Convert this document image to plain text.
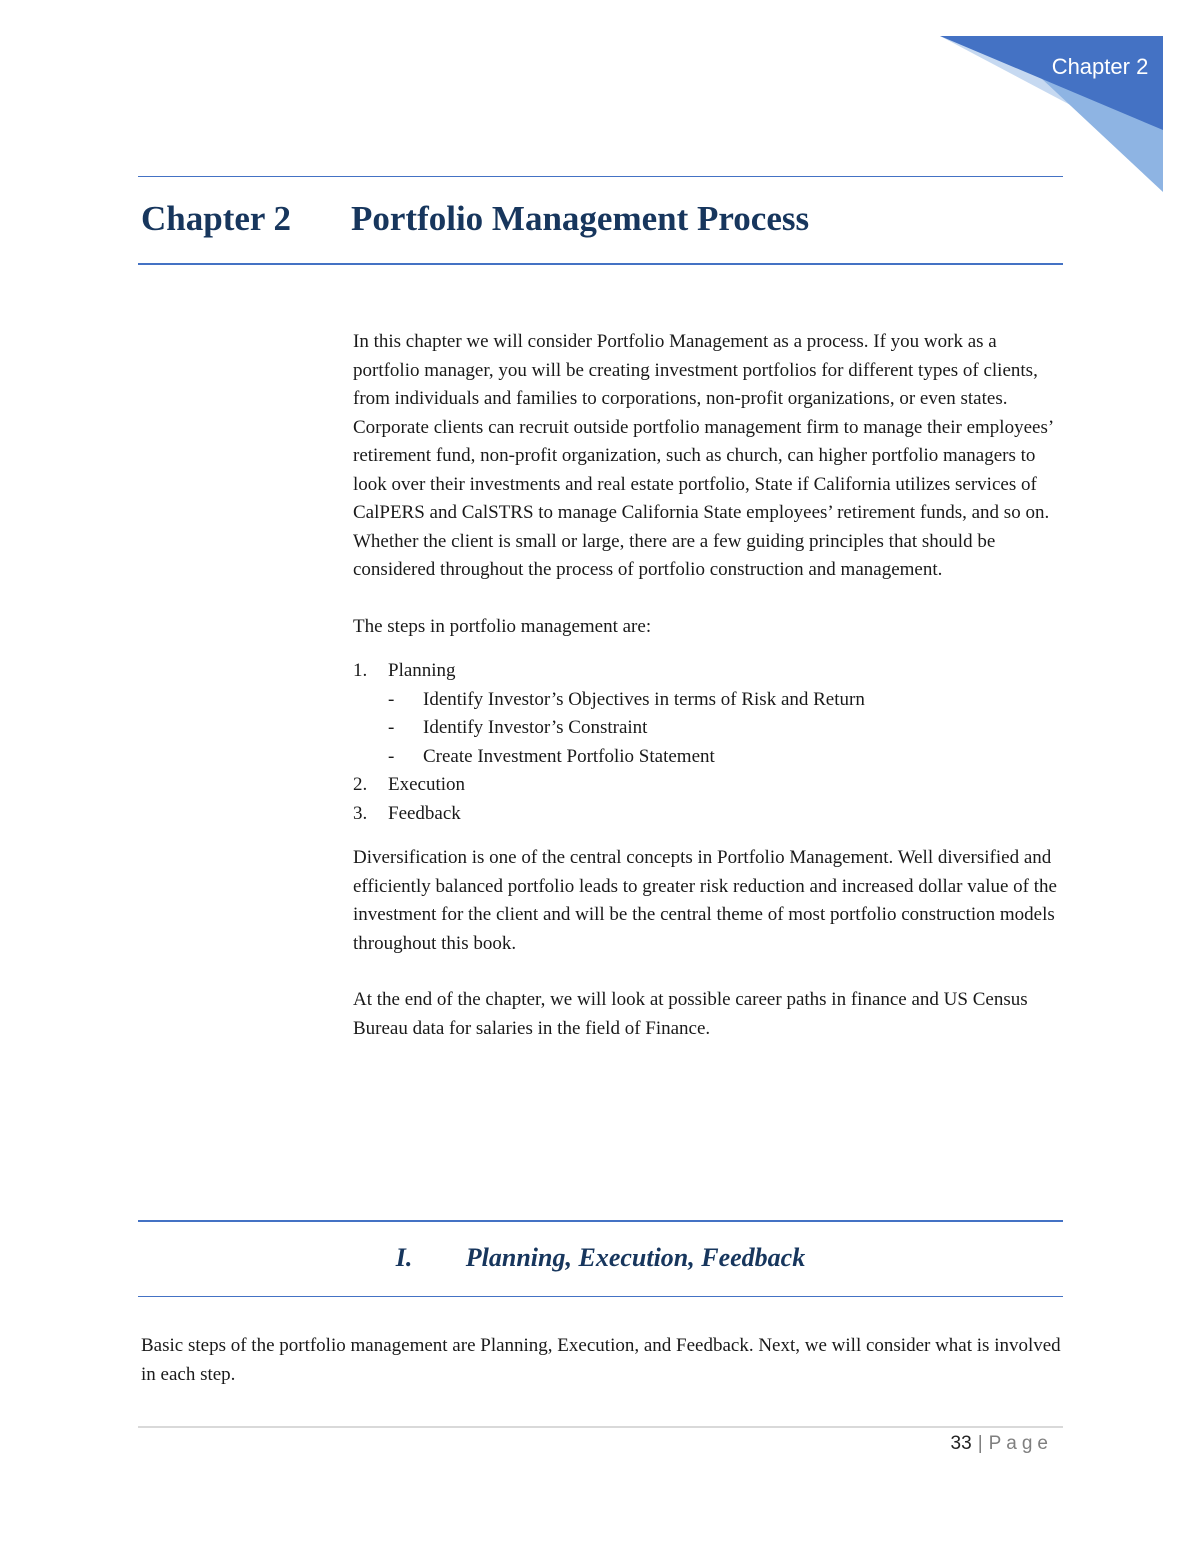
Chapter 2
Chapter 2 Portfolio Management Process

In this chapter we will consider Portfolio Management as a process. If you work as a portfolio manager, you will be creating investment portfolios for different types of clients, from individuals and families to corporations, non-profit organizations, or even states. Corporate clients can recruit outside portfolio management firm to manage their employees’ retirement fund, non-profit organization, such as church, can higher portfolio managers to look over their investments and real estate portfolio, State if California utilizes services of CalPERS and CalSTRS to manage California State employees’ retirement funds, and so on. Whether the client is small or large, there are a few guiding principles that should be considered throughout the process of portfolio construction and management.

The steps in portfolio management are:

1. Planning
- Identify Investor’s Objectives in terms of Risk and Return
- Identify Investor’s Constraint
- Create Investment Portfolio Statement
2. Execution
3. Feedback

Diversification is one of the central concepts in Portfolio Management. Well diversified and efficiently balanced portfolio leads to greater risk reduction and increased dollar value of the investment for the client and will be the central theme of most portfolio construction models throughout this book.

At the end of the chapter, we will look at possible career paths in finance and US Census Bureau data for salaries in the field of Finance.

I. Planning, Execution, Feedback

Basic steps of the portfolio management are Planning, Execution, and Feedback. Next, we will consider what is involved in each step.

33 | Page
